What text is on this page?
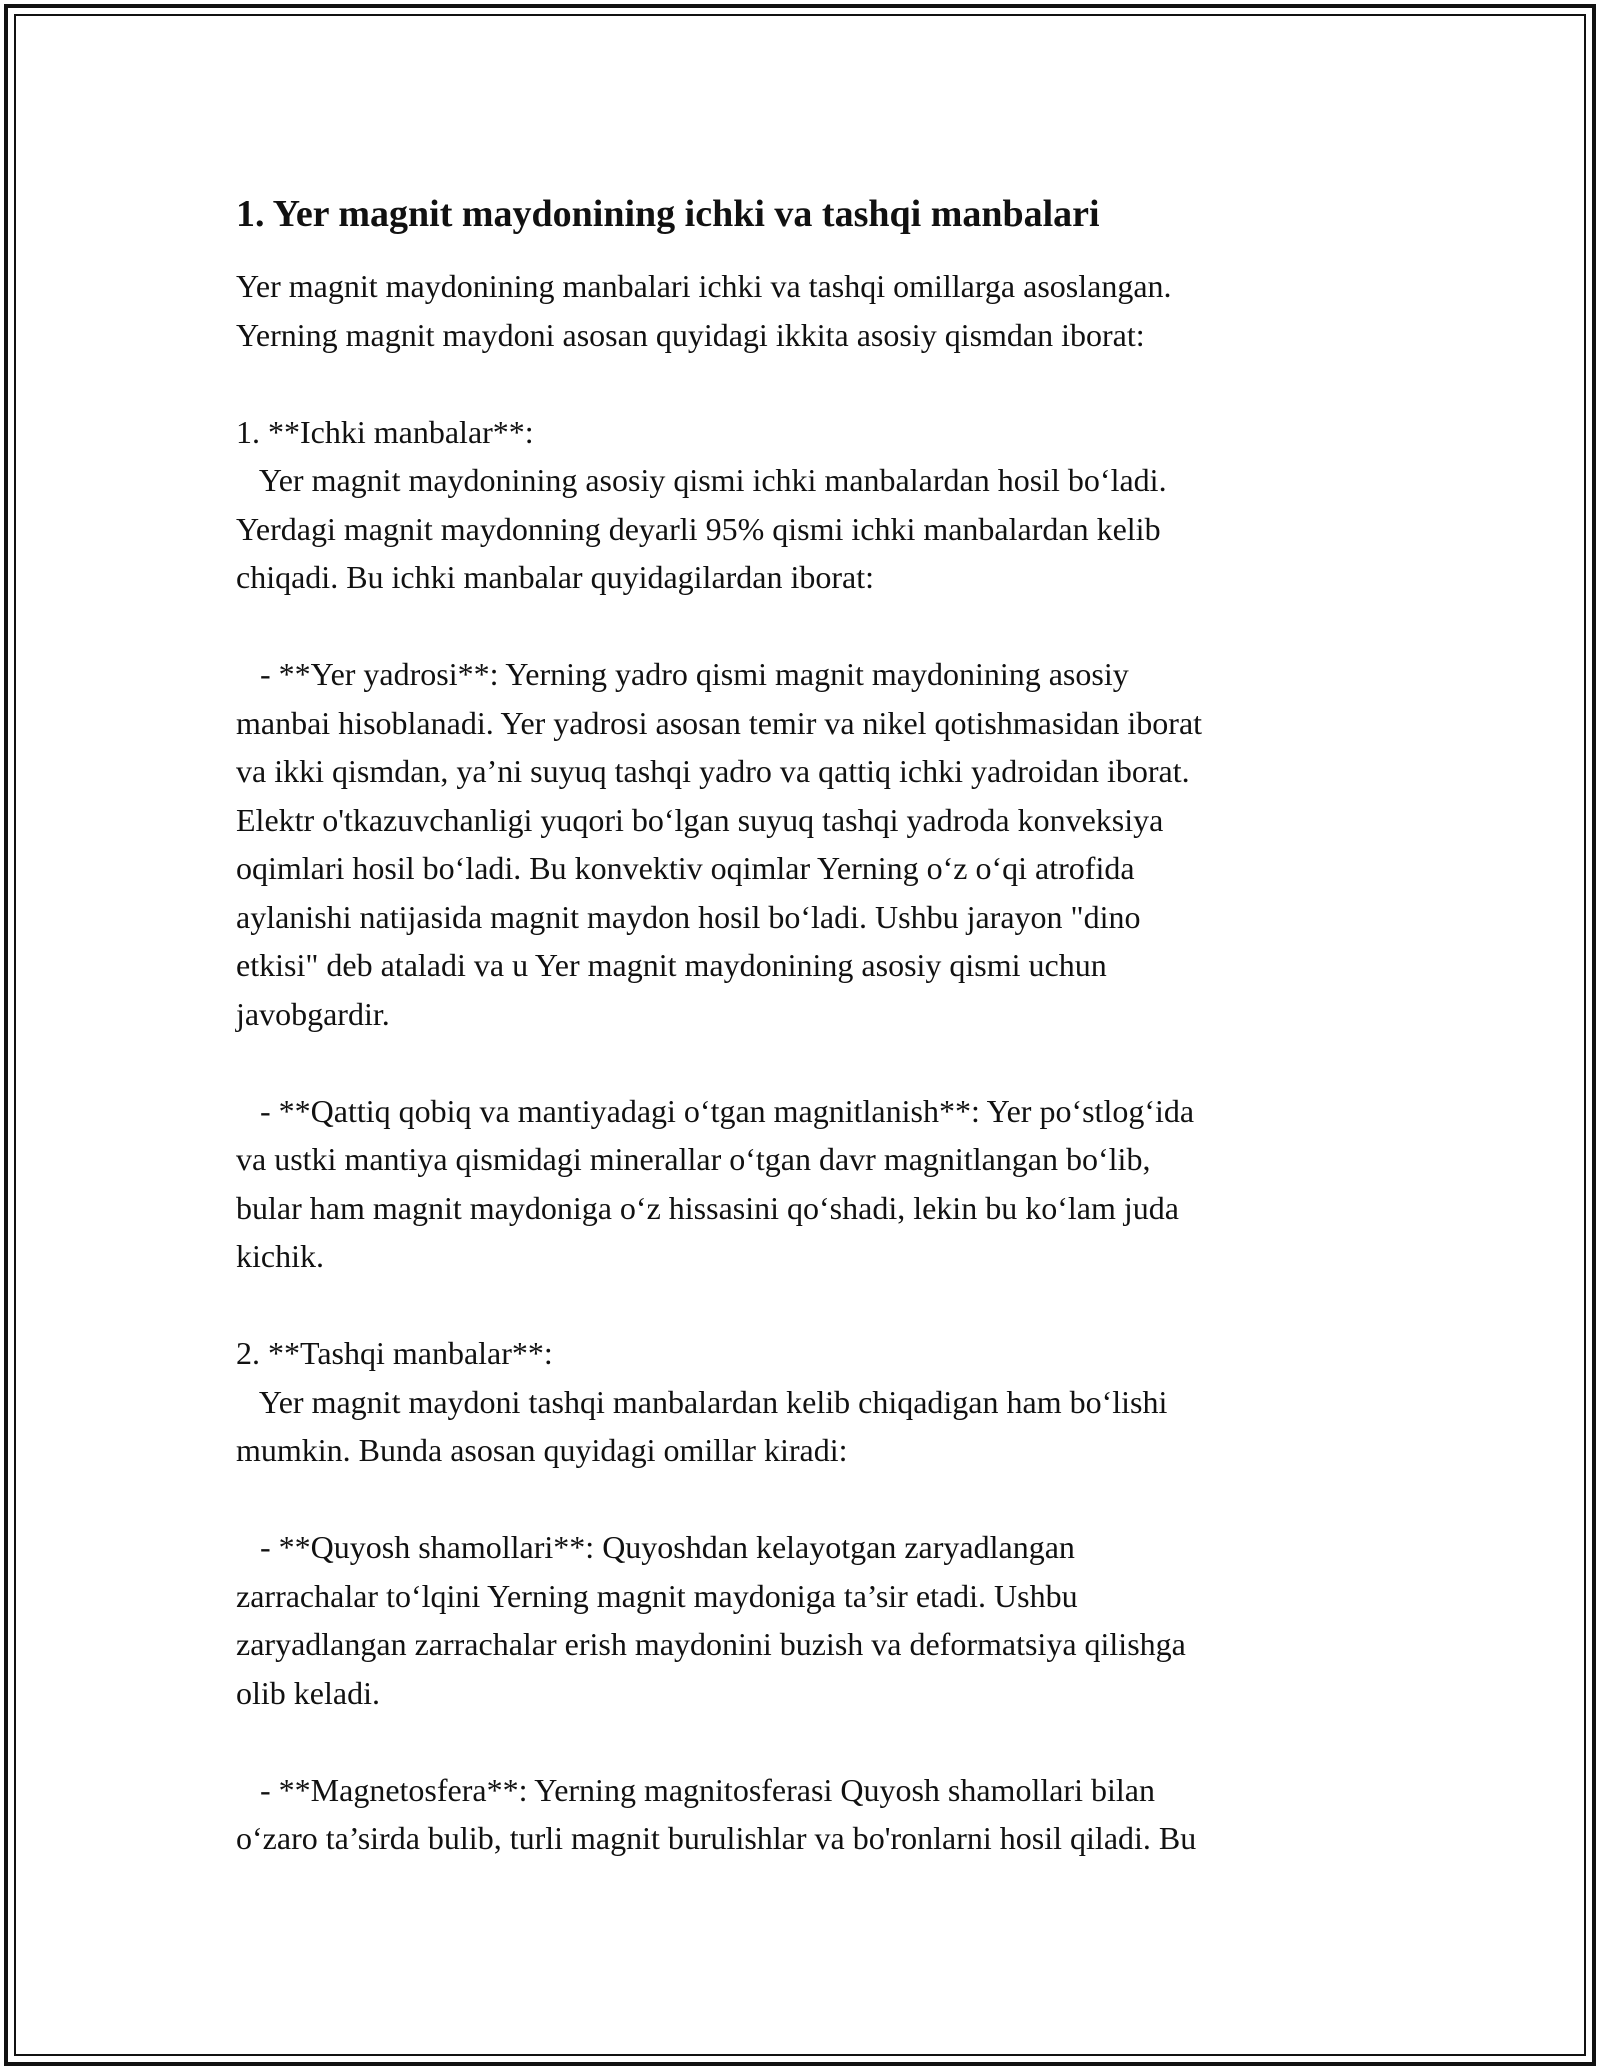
1. Yer magnit maydonining ichki va tashqi manbalari
Yer magnit maydonining manbalari ichki va tashqi omillarga asoslangan.
Yerning magnit maydoni asosan quyidagi ikkita asosiy qismdan iborat:
1. **Ichki manbalar**:
Yer magnit maydonining asosiy qismi ichki manbalardan hosil bo‘ladi.
Yerdagi magnit maydonning deyarli 95% qismi ichki manbalardan kelib
chiqadi. Bu ichki manbalar quyidagilardan iborat:
- **Yer yadrosi**: Yerning yadro qismi magnit maydonining asosiy
manbai hisoblanadi. Yer yadrosi asosan temir va nikel qotishmasidan iborat
va ikki qismdan, ya’ni suyuq tashqi yadro va qattiq ichki yadroidan iborat.
Elektr o'tkazuvchanligi yuqori bo‘lgan suyuq tashqi yadroda konveksiya
oqimlari hosil bo‘ladi. Bu konvektiv oqimlar Yerning o‘z o‘qi atrofida
aylanishi natijasida magnit maydon hosil bo‘ladi. Ushbu jarayon "dino
etkisi" deb ataladi va u Yer magnit maydonining asosiy qismi uchun
javobgardir.
- **Qattiq qobiq va mantiyadagi o‘tgan magnitlanish**: Yer po‘stlog‘ida
va ustki mantiya qismidagi minerallar o‘tgan davr magnitlangan bo‘lib,
bular ham magnit maydoniga o‘z hissasini qo‘shadi, lekin bu ko‘lam juda
kichik.
2. **Tashqi manbalar**:
Yer magnit maydoni tashqi manbalardan kelib chiqadigan ham bo‘lishi
mumkin. Bunda asosan quyidagi omillar kiradi:
- **Quyosh shamollari**: Quyoshdan kelayotgan zaryadlangan
zarrachalar to‘lqini Yerning magnit maydoniga ta’sir etadi. Ushbu
zaryadlangan zarrachalar erish maydonini buzish va deformatsiya qilishga
olib keladi.
- **Magnetosfera**: Yerning magnitosferasi Quyosh shamollari bilan
o‘zaro ta’sirda bulib, turli magnit burulishlar va bo'ronlarni hosil qiladi. Bu
